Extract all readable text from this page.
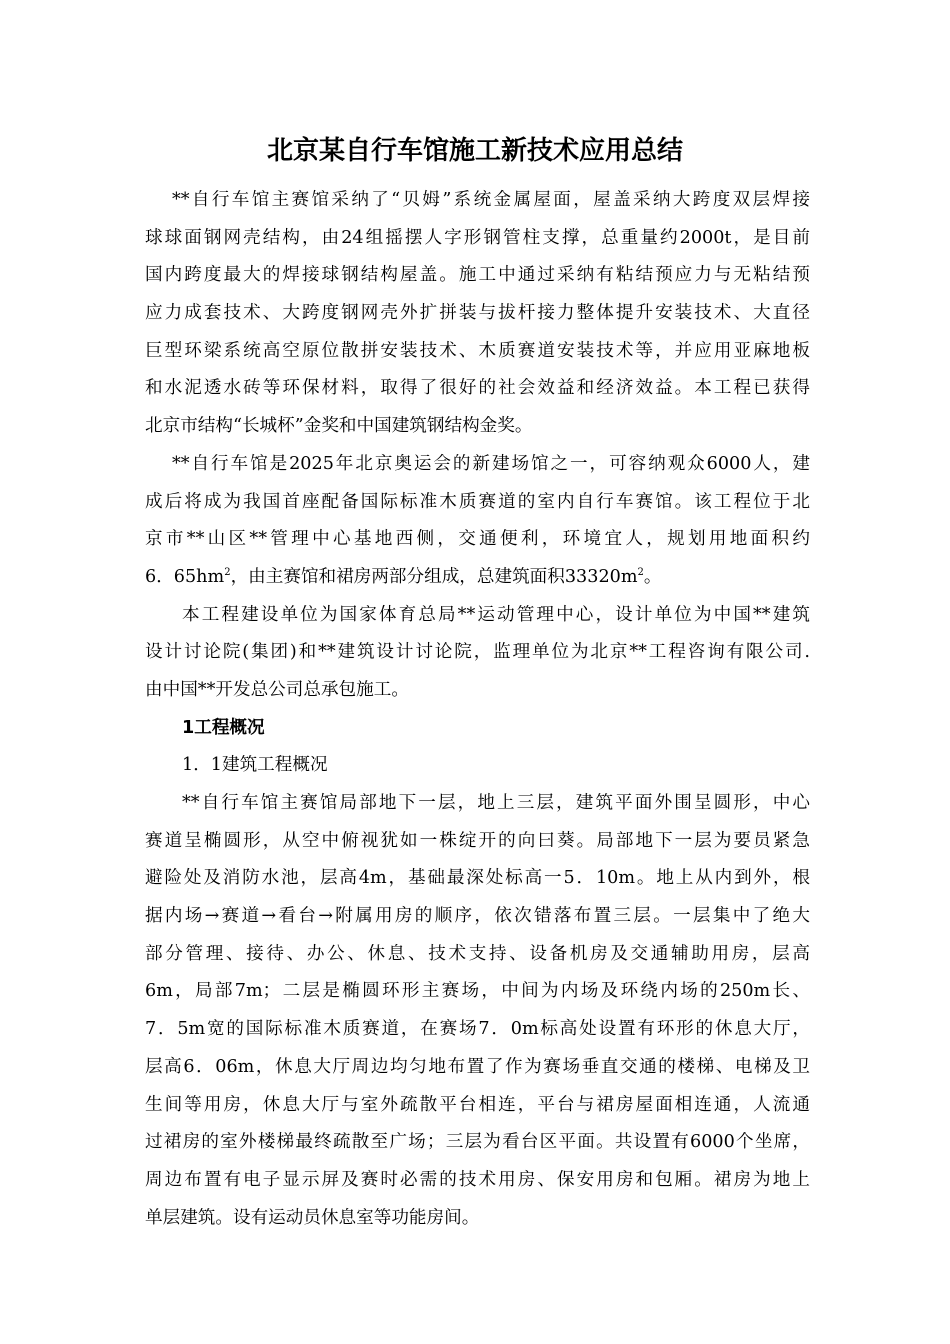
北京某自行车馆施工新技术应用总结
**自行车馆主赛馆采纳了“贝姆”系统金属屋面，屋盖采纳大跨度双层焊接
球球面钢网壳结构，由24组摇摆人字形钢管柱支撑，总重量约2000t，是目前
国内跨度最大的焊接球钢结构屋盖。施工中通过采纳有粘结预应力与无粘结预
应力成套技术、大跨度钢网壳外扩拼装与拔杆接力整体提升安装技术、大直径
巨型环梁系统高空原位散拼安装技术、木质赛道安装技术等，并应用亚麻地板
和水泥透水砖等环保材料，取得了很好的社会效益和经济效益。本工程已获得
北京市结构“长城杯”金奖和中国建筑钢结构金奖。
**自行车馆是2025年北京奥运会的新建场馆之一，可容纳观众6000人，建
成后将成为我国首座配备国际标准木质赛道的室内自行车赛馆。该工程位于北
京市**山区**管理中心基地西侧，交通便利，环境宜人，规划用地面积约
6．$65hm^2$，由主赛馆和裙房两部分组成，总建筑面积$33320m^2$。
本工程建设单位为国家体育总局**运动管理中心，设计单位为中国**建筑
设计讨论院(集团)和**建筑设计讨论院，监理单位为北京**工程咨询有限公司.
由中国**开发总公司总承包施工。
1工程概况
1．1建筑工程概况
**自行车馆主赛馆局部地下一层，地上三层，建筑平面外围呈圆形，中心
赛道呈椭圆形，从空中俯视犹如一株绽开的向曰葵。局部地下一层为要员紧急
避险处及消防水池，层高4m，基础最深处标高一5．10m。地上从内到外，根
据内场→赛道→看台→附属用房的顺序，依次错落布置三层。一层集中了绝大
部分管理、接待、办公、休息、技术支持、设备机房及交通辅助用房，层高
6m，局部7m；二层是椭圆环形主赛场，中间为内场及环绕内场的250m长、
7．5m宽的国际标准木质赛道，在赛场7．0m标高处设置有环形的休息大厅，
层高6．06m，休息大厅周边均匀地布置了作为赛场垂直交通的楼梯、电梯及卫
生间等用房，休息大厅与室外疏散平台相连，平台与裙房屋面相连通，人流通
过裙房的室外楼梯最终疏散至广场；三层为看台区平面。共设置有6000个坐席，
周边布置有电子显示屏及赛时必需的技术用房、保安用房和包厢。裙房为地上
单层建筑。设有运动员休息室等功能房间。
